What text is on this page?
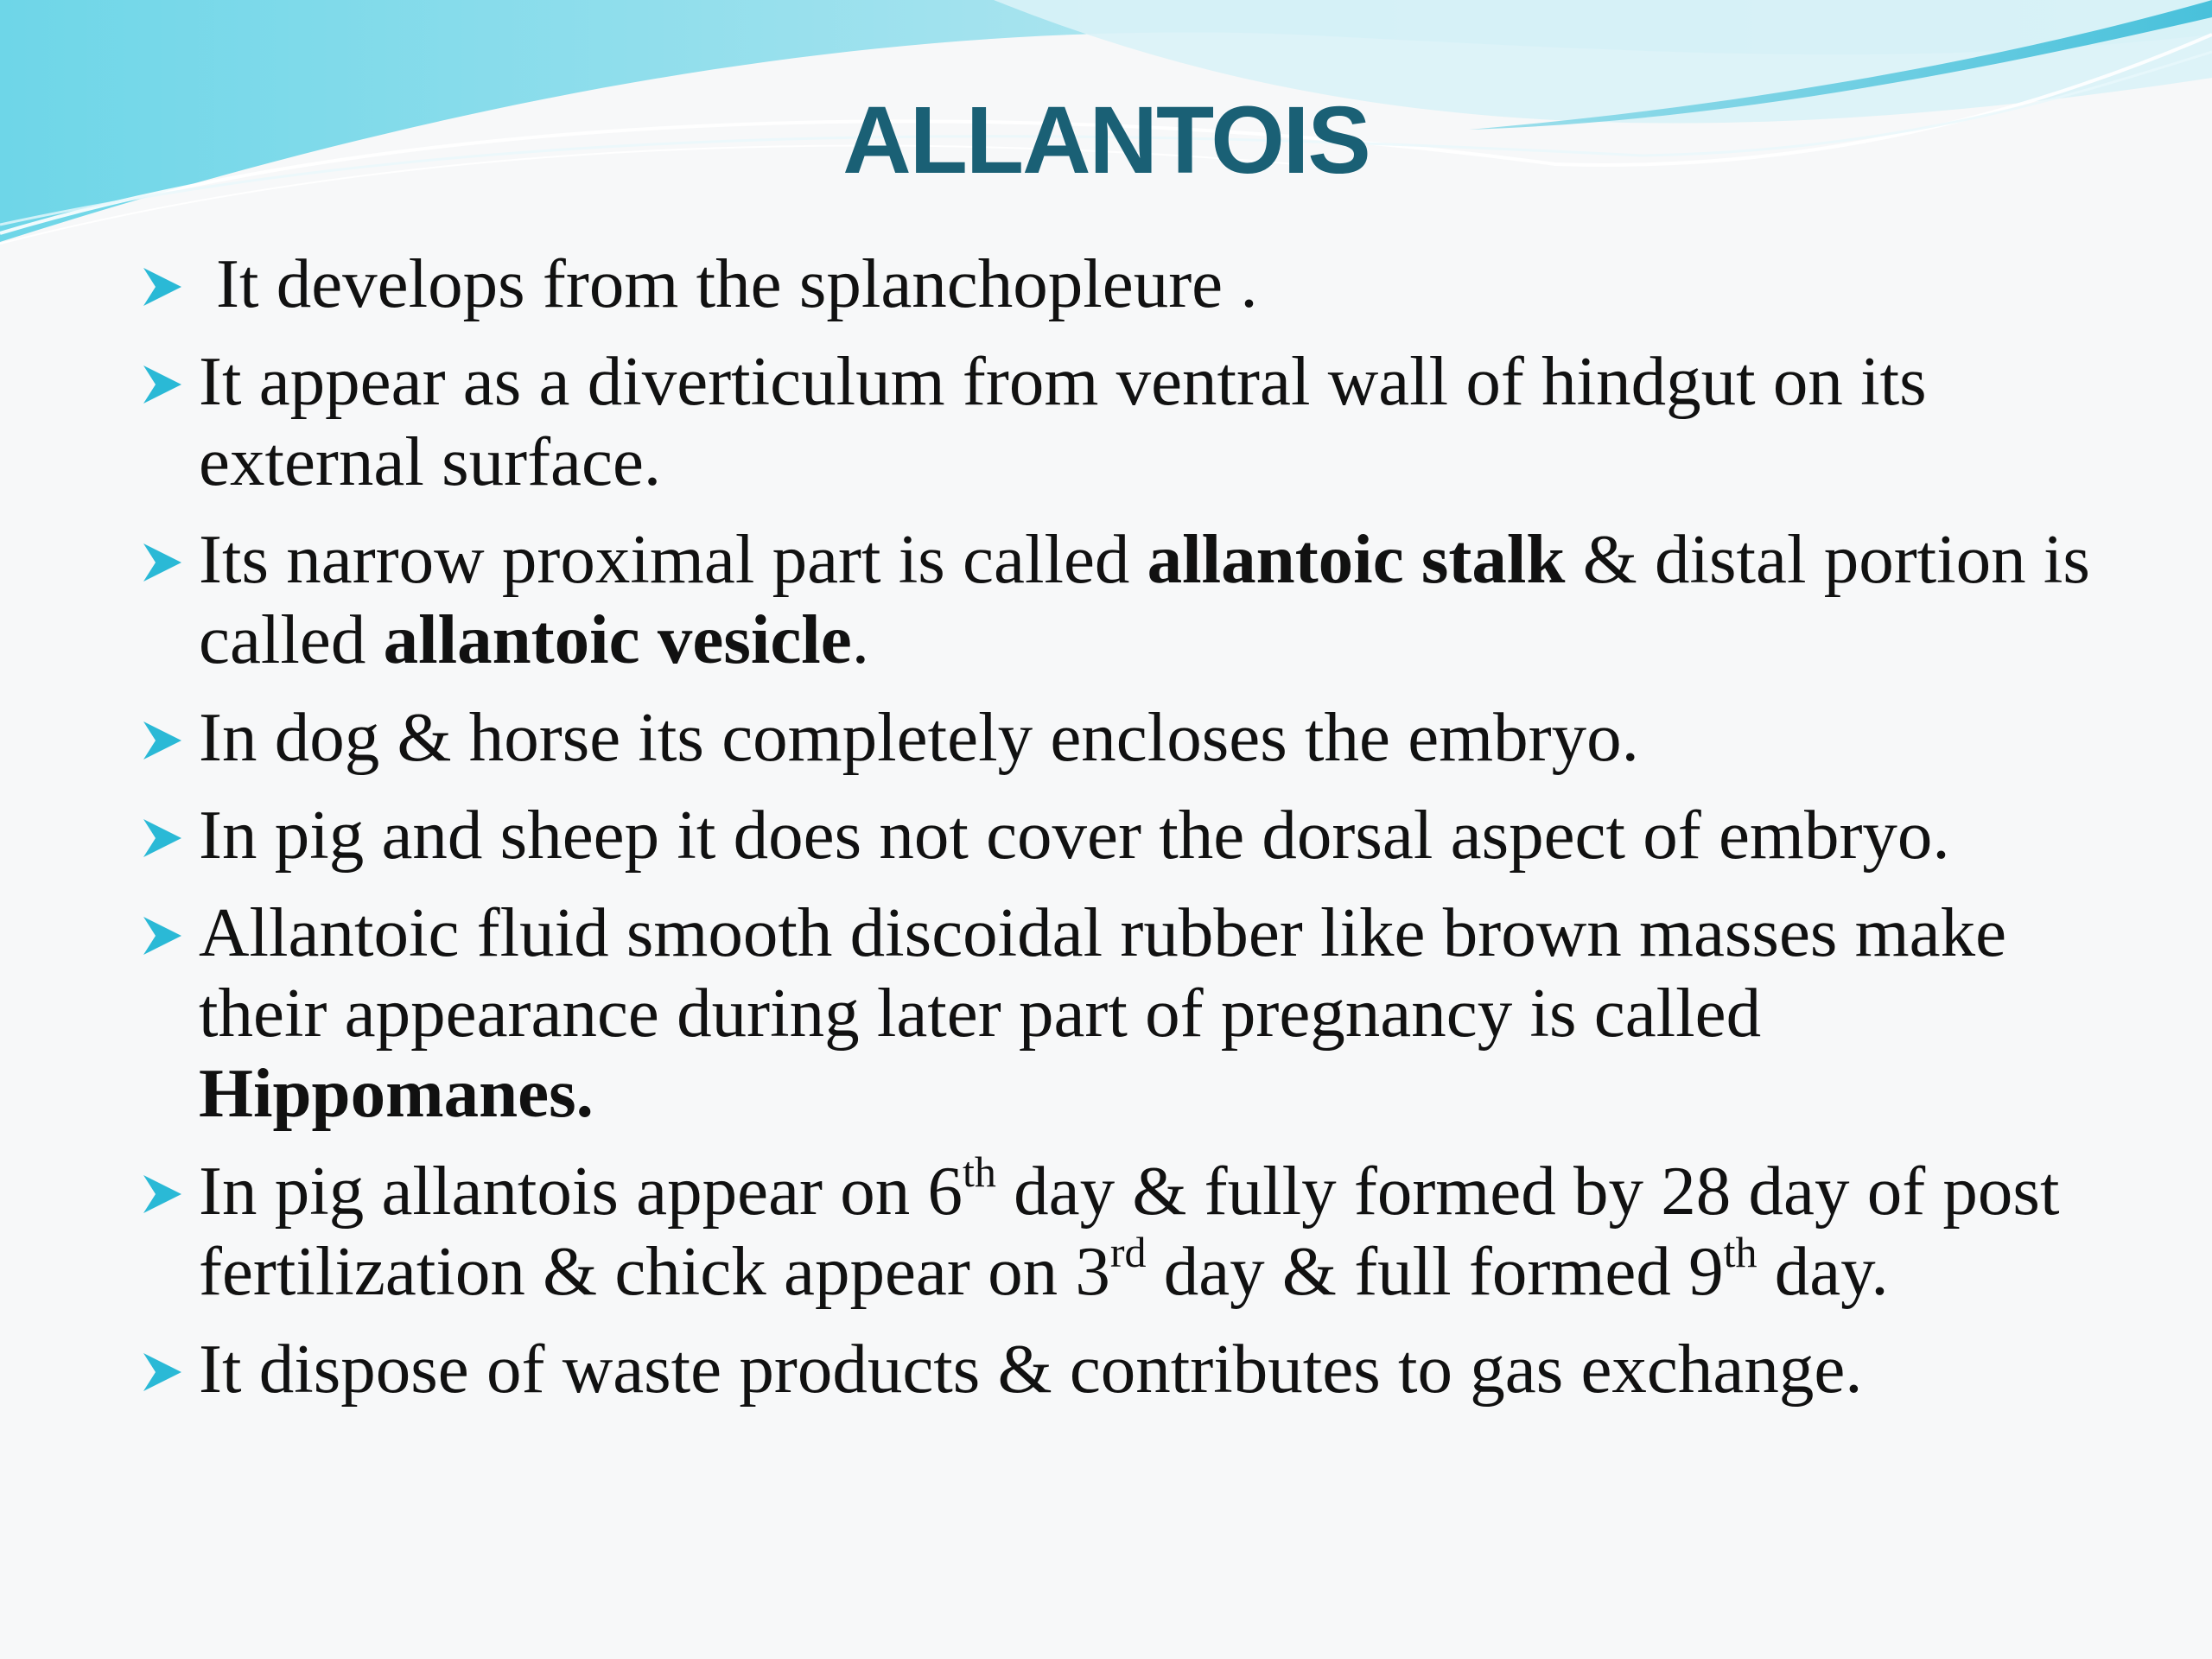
ALLANTOIS
It develops from the splanchopleure .
It appear as a diverticulum from ventral wall of hindgut on its external surface.
Its narrow proximal part is called allantoic stalk & distal portion is called allantoic vesicle.
In dog & horse its completely encloses the embryo.
In pig and sheep it does not cover the dorsal aspect of embryo.
Allantoic fluid smooth discoidal rubber like brown masses make their appearance during later part of pregnancy is called Hippomanes.
In pig allantois appear on 6th day & fully formed by 28 day of post fertilization & chick appear on 3rd day & full formed 9th day.
It dispose of waste products & contributes to gas exchange.
